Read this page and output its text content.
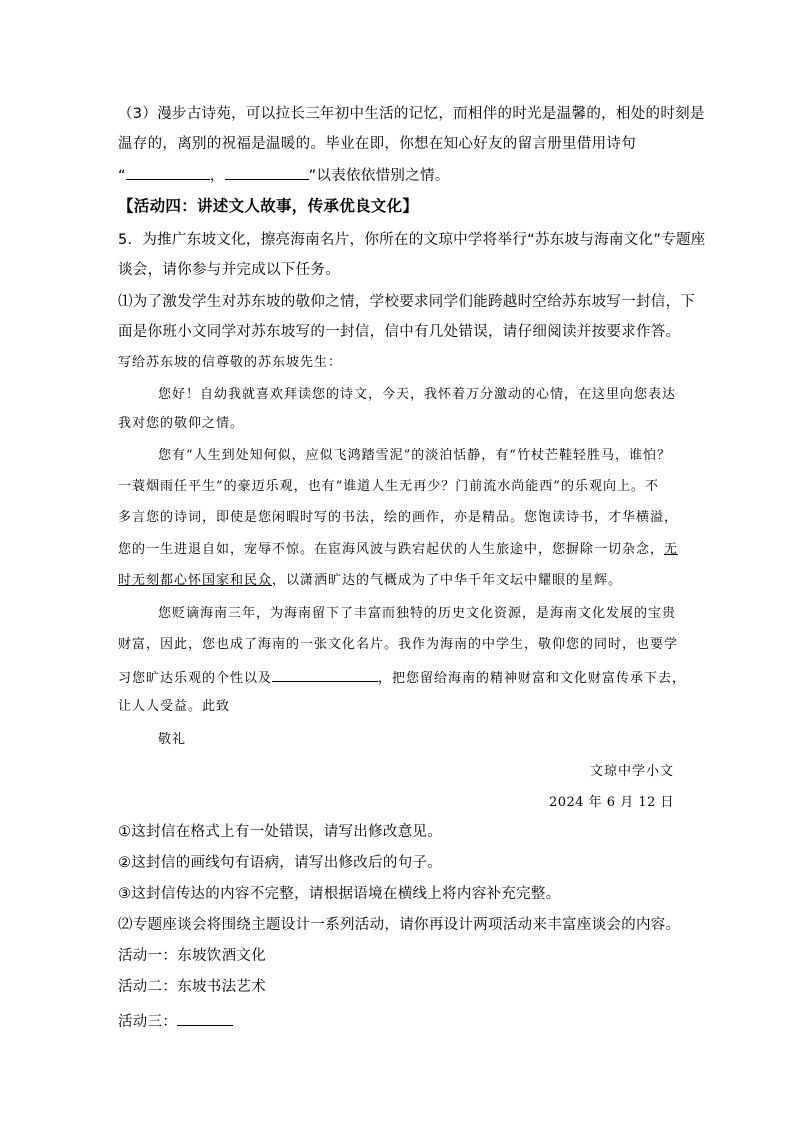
（3）漫步古诗苑，可以拉长三年初中生活的记忆，而相伴的时光是温馨的，相处的时刻是
温存的，离别的祝福是温暖的。毕业在即，你想在知心好友的留言册里借用诗句
“	，	”以表依依惜别之情。
【活动四：讲述文人故事，传承优良文化】
5．为推广东坡文化，擦亮海南名片，你所在的文琼中学将举行“苏东坡与海南文化”专题座
谈会，请你参与并完成以下任务。
⑴为了激发学生对苏东坡的敬仰之情，学校要求同学们能跨越时空给苏东坡写一封信，下
面是你班小文同学对苏东坡写的一封信，信中有几处错误，请仔细阅读并按要求作答。
写给苏东坡的信尊敬的苏东坡先生：
您好！自幼我就喜欢拜读您的诗文，今天，我怀着万分激动的心情，在这里向您表达
我对您的敬仰之情。
您有“人生到处知何似，应似飞鸿踏雪泥”的淡泊恬静，有“竹杖芒鞋轻胜马，谁怕？
一蓑烟雨任平生”的豪迈乐观，也有“谁道人生无再少？门前流水尚能西”的乐观向上。不
多言您的诗词，即使是您闲暇时写的书法，绘的画作，亦是精品。您饱读诗书，才华横溢，
您的一生进退自如，宠辱不惊。在宦海风波与跌宕起伏的人生旅途中，您摒除一切杂念，无
时无刻都心怀国家和民众，以潇洒旷达的气概成为了中华千年文坛中耀眼的星辉。
您贬谪海南三年，为海南留下了丰富而独特的历史文化资源，是海南文化发展的宝贵
财富，因此，您也成了海南的一张文化名片。我作为海南的中学生，敬仰您的同时，也要学
习您旷达乐观的个性以及	，把您留给海南的精神财富和文化财富传承下去，
让人人受益。此致
敬礼
文琼中学小文
2024 年 6 月 12 日
①这封信在格式上有一处错误，请写出修改意见。
②这封信的画线句有语病，请写出修改后的句子。
③这封信传达的内容不完整，请根据语境在横线上将内容补充完整。
⑵专题座谈会将围绕主题设计一系列活动，请你再设计两项活动来丰富座谈会的内容。
活动一：东坡饮酒文化
活动二：东坡书法艺术
活动三：
